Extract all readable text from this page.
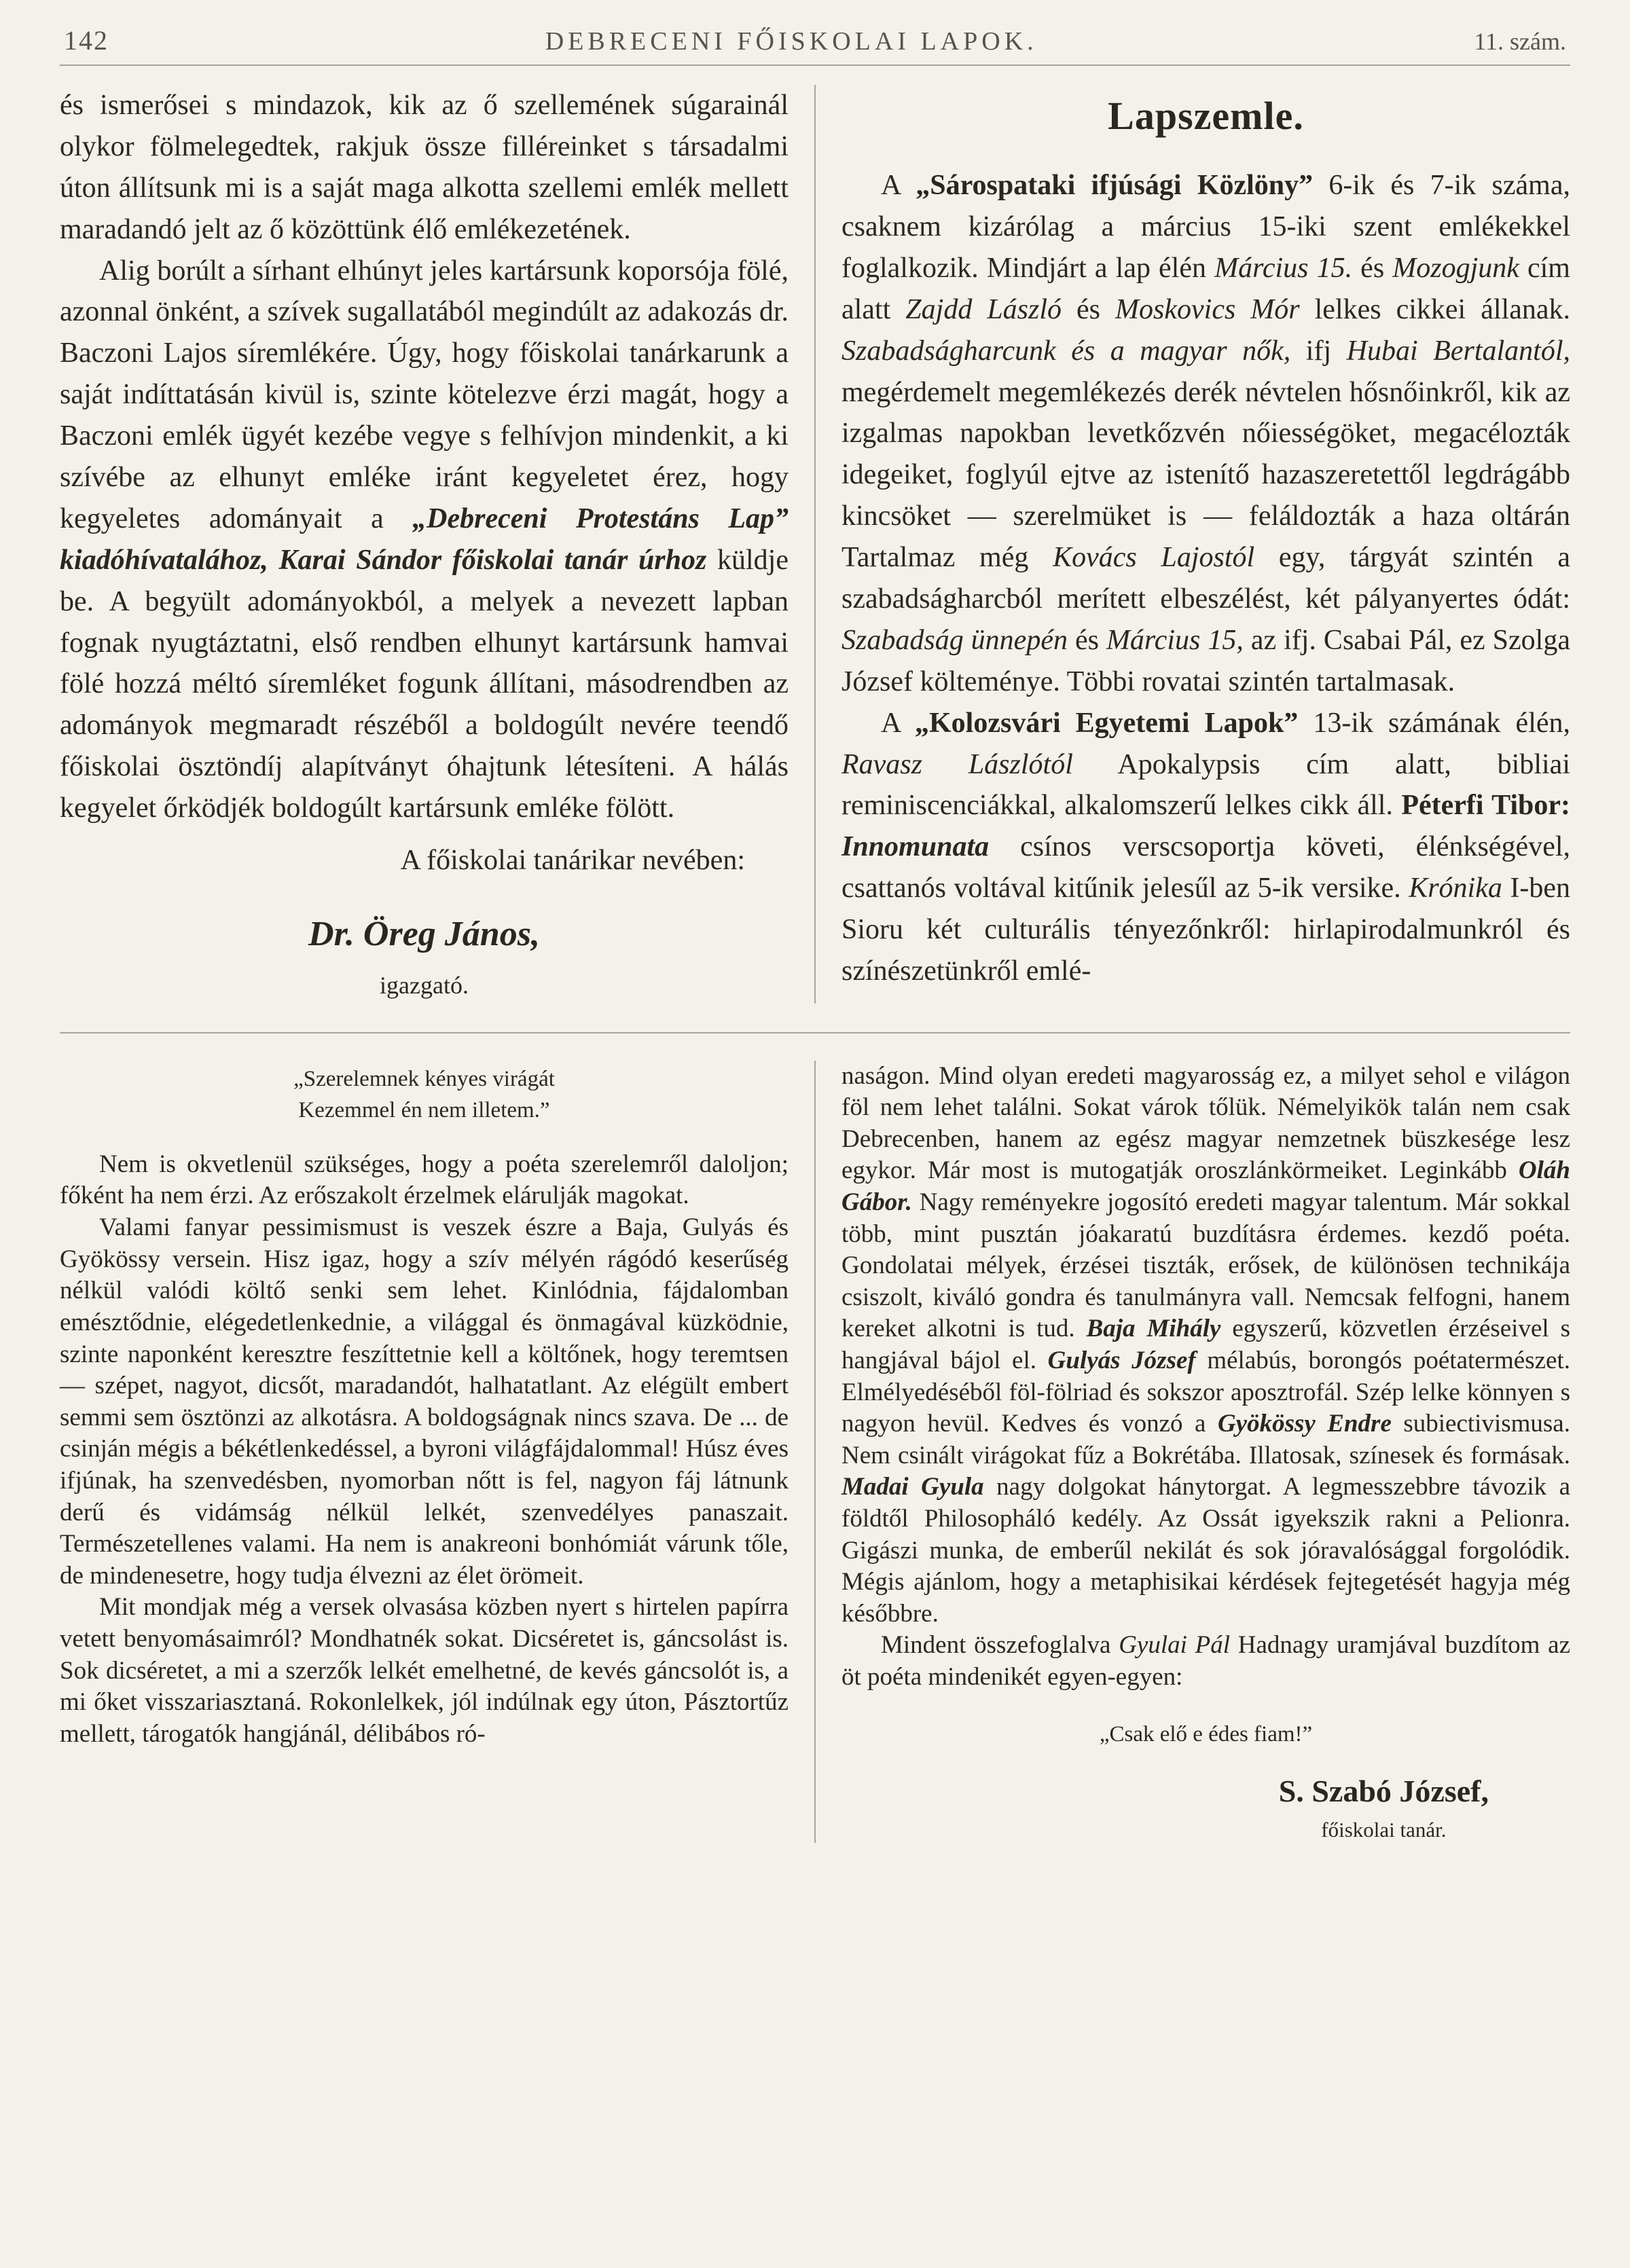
142	DEBRECENI FŐISKOLAI LAPOK.	11. szám.

és ismerősei s mindazok, kik az ő szellemének súgarainál olykor fölmelegedtek, rakjuk össze filléreinket s társadalmi úton állítsunk mi is a saját maga alkotta szellemi emlék mellett maradandó jelt az ő közöttünk élő emlékezetének.

Alig borúlt a sírhant elhúnyt jeles kartársunk koporsója fölé, azonnal önként, a szívek sugallatából megindúlt az adakozás dr. Baczoni Lajos síremlékére. Úgy, hogy főiskolai tanárkarunk a saját indíttatásán kivül is, szinte kötelezve érzi magát, hogy a Baczoni emlék ügyét kezébe vegye s felhívjon mindenkit, a ki szívébe az elhunyt emléke iránt kegyeletet érez, hogy kegyeletes adományait a „Debreceni Protestáns Lap” kiadóhívatalához, Karai Sándor főiskolai tanár úrhoz küldje be. A begyült adományokból, a melyek a nevezett lapban fognak nyugtáztatni, első rendben elhunyt kartársunk hamvai fölé hozzá méltó síremléket fogunk állítani, másodrendben az adományok megmaradt részéből a boldogúlt nevére teendő főiskolai ösztöndíj alapítványt óhajtunk létesíteni. A hálás kegyelet őrködjék boldogúlt kartársunk emléke fölött.

A főiskolai tanárikar nevében:

Dr. Öreg János,

igazgató.

Lapszemle.

A „Sárospataki ifjúsági Közlöny” 6-ik és 7-ik száma, csaknem kizárólag a március 15-iki szent emlékekkel foglalkozik. Mindjárt a lap élén Március 15. és Mozogjunk cím alatt Zajdd László és Moskovics Mór lelkes cikkei állanak. Szabadságharcunk és a magyar nők, ifj Hubai Bertalantól, megérdemelt megemlékezés derék névtelen hősnőinkről, kik az izgalmas napokban levetkőzvén nőiességöket, megacélozták idegeiket, foglyúl ejtve az istenítő hazaszeretettől legdrágább kincsöket — szerelmüket is — feláldozták a haza oltárán Tartalmaz még Kovács Lajostól egy, tárgyát szintén a szabadságharcból merített elbeszélést, két pályanyertes ódát: Szabadság ünnepén és Március 15, az ifj. Csabai Pál, ez Szolga József költeménye. Többi rovatai szintén tartalmasak.

A „Kolozsvári Egyetemi Lapok” 13-ik számának élén, Ravasz Lászlótól Apokalypsis cím alatt, bibliai reminiscenciákkal, alkalomszerű lelkes cikk áll. Péterfi Tibor: Innomunata csínos verscsoportja követi, élénkségével, csattanós voltával kitűnik jelesűl az 5-ik versike. Krónika I-ben Sioru két culturális tényezőnkről: hirlapirodalmunkról és színészetünkről emlé-

„Szerelemnek kényes virágát

Kezemmel én nem illetem.”

Nem is okvetlenül szükséges, hogy a poéta szerelemről daloljon; főként ha nem érzi. Az erőszakolt érzelmek elárulják magokat.

Valami fanyar pessimismust is veszek észre a Baja, Gulyás és Gyökössy versein. Hisz igaz, hogy a szív mélyén rágódó keserűség nélkül valódi költő senki sem lehet. Kinlódnia, fájdalomban emésztődnie, elégedetlenkednie, a világgal és önmagával küzködnie, szinte naponként keresztre feszíttetnie kell a költőnek, hogy teremtsen — szépet, nagyot, dicsőt, maradandót, halhatatlant. Az elégült embert semmi sem ösztönzi az alkotásra. A boldogságnak nincs szava. De ... de csinján mégis a békétlenkedéssel, a byroni világfájdalommal! Húsz éves ifjúnak, ha szenvedésben, nyomorban nőtt is fel, nagyon fáj látnunk derű és vidámság nélkül lelkét, szenvedélyes panaszait. Természetellenes valami. Ha nem is anakreoni bonhómiát várunk tőle, de mindenesetre, hogy tudja élvezni az élet örömeit.

Mit mondjak még a versek olvasása közben nyert s hirtelen papírra vetett benyomásaimról? Mondhatnék sokat. Dicséretet is, gáncsolást is. Sok dicséretet, a mi a szerzők lelkét emelhetné, de kevés gáncsolót is, a mi őket visszariasztaná. Rokonlelkek, jól indúlnak egy úton, Pásztortűz mellett, tárogatók hangjánál, délibábos ró-

naságon. Mind olyan eredeti magyarosság ez, a milyet sehol e világon föl nem lehet találni. Sokat várok tőlük. Némelyikök talán nem csak Debrecenben, hanem az egész magyar nemzetnek büszkesége lesz egykor. Már most is mutogatják oroszlánkörmeiket. Leginkább Oláh Gábor. Nagy reményekre jogosító eredeti magyar talentum. Már sokkal több, mint pusztán jóakaratú buzdításra érdemes. kezdő poéta. Gondolatai mélyek, érzései tiszták, erősek, de különösen technikája csiszolt, kiváló gondra és tanulmányra vall. Nemcsak felfogni, hanem kereket alkotni is tud. Baja Mihály egyszerű, közvetlen érzéseivel s hangjával bájol el. Gulyás József mélabús, borongós poétatermészet. Elmélyedéséből föl-fölriad és sokszor aposztrofál. Szép lelke könnyen s nagyon hevül. Kedves és vonzó a Gyökössy Endre subiectivismusa. Nem csinált virágokat fűz a Bokrétába. Illatosak, színesek és formásak. Madai Gyula nagy dolgokat hánytorgat. A legmesszebbre távozik a földtől Philosopháló kedély. Az Ossát igyekszik rakni a Pelionra. Gigászi munka, de emberűl nekilát és sok jóravalósággal forgolódik. Mégis ajánlom, hogy a metaphisikai kérdések fejtegetését hagyja még későbbre.

Mindent összefoglalva Gyulai Pál Hadnagy uramjával buzdítom az öt poéta mindenikét egyen-egyen:

„Csak elő e édes fiam!”

S. Szabó József,
főiskolai tanár.
